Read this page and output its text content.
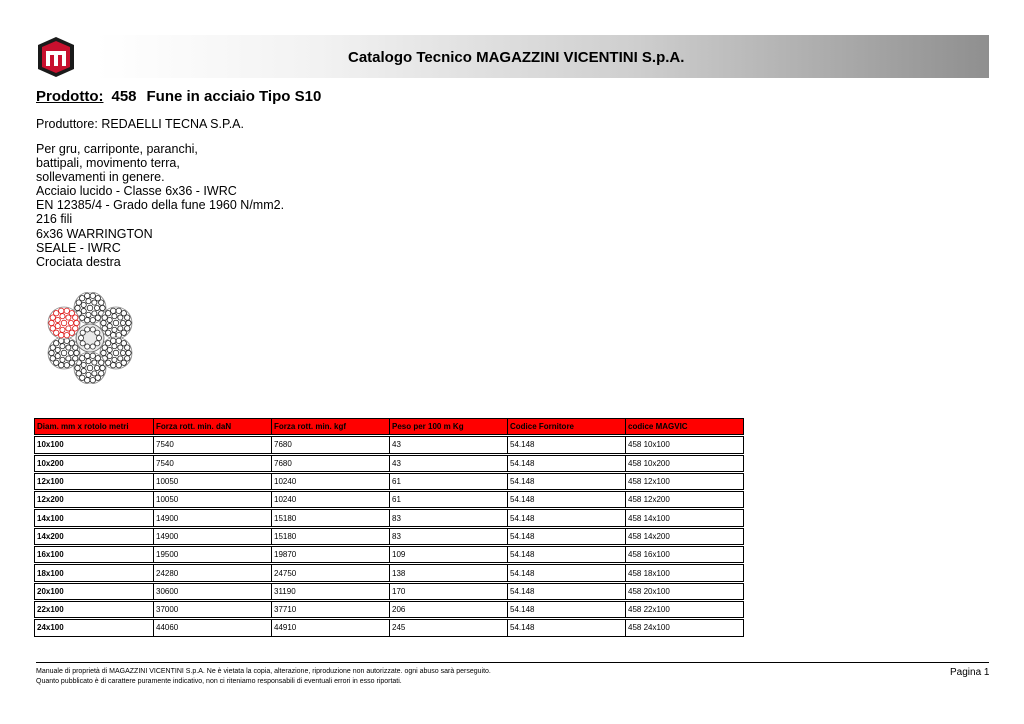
Catalogo Tecnico MAGAZZINI VICENTINI S.p.A.
Prodotto: 458 Fune in acciaio Tipo S10
Produttore: REDAELLI TECNA S.P.A.
Per gru, carriponte, paranchi,
battipali, movimento terra,
sollevamenti in genere.
Acciaio lucido - Classe 6x36 - IWRC
EN 12385/4 - Grado della fune 1960 N/mm2.
216 fili
6x36 WARRINGTON
SEALE - IWRC
Crociata destra
Diam. mm x rotolo metri	Forza rott. min. daN	Forza rott. min. kgf	Peso per 100 m Kg	Codice Fornitore	codice MAGVIC

10x100	7540	7680	43	54.148	458 10x100

10x200	7540	7680	43	54.148	458 10x200

12x100	10050	10240	61	54.148	458 12x100

12x200	10050	10240	61	54.148	458 12x200

14x100	14900	15180	83	54.148	458 14x100

14x200	14900	15180	83	54.148	458 14x200

16x100	19500	19870	109	54.148	458 16x100

18x100	24280	24750	138	54.148	458 18x100

20x100	30600	31190	170	54.148	458 20x100

22x100	37000	37710	206	54.148	458 22x100

24x100	44060	44910	245	54.148	458 24x100
Manuale di proprietà di MAGAZZINI VICENTINI S.p.A. Ne è vietata la copia, alterazione, riproduzione non autorizzate. ogni abuso sarà perseguito.
Quanto pubblicato è di carattere puramente indicativo, non ci riteniamo responsabili di eventuali errori in esso riportati.
Pagina 1
